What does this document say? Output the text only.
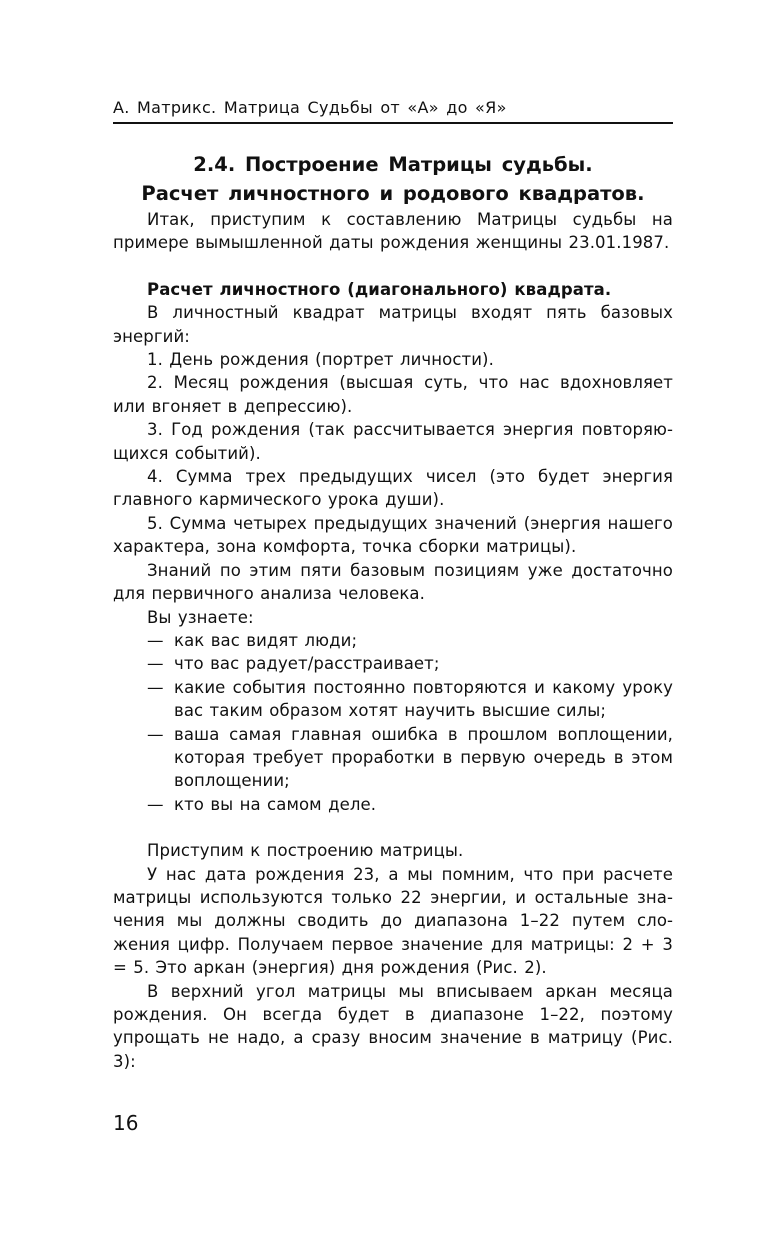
А. Матрикс. Матрица Судьбы от «А» до «Я»
2.4. Построение Матрицы судьбы.
Расчет личностного и родового квадратов.

Итак, приступим к составлению Матрицы судьбы на примере вымышленной даты рождения женщины 23.01.1987.

Расчет личностного (диагонального) квадрата.

В личностный квадрат матрицы входят пять базовых энергий:

1. День рождения (портрет личности).

2. Месяц рождения (высшая суть, что нас вдохновляет или вгоняет в депрессию).

3. Год рождения (так рассчитывается энергия повторяющихся событий).

4. Сумма трех предыдущих чисел (это будет энергия главного кармического урока души).

5. Сумма четырех предыдущих значений (энергия нашего характера, зона комфорта, точка сборки матрицы).

Знаний по этим пяти базовым позициям уже достаточно для первичного анализа человека.

Вы узнаете:

— как вас видят люди;
— что вас радует/расстраивает;
— какие события постоянно повторяются и какому уроку вас таким образом хотят научить высшие силы;
— ваша самая главная ошибка в прошлом воплощении, которая требует проработки в первую очередь в этом воплощении;
— кто вы на самом деле.

Приступим к построению матрицы.

У нас дата рождения 23, а мы помним, что при расчете матрицы используются только 22 энергии, и остальные значения мы должны сводить до диапазона 1–22 путем сложения цифр. Получаем первое значение для матрицы: 2 + 3 = 5. Это аркан (энергия) дня рождения (Рис. 2).

В верхний угол матрицы мы вписываем аркан месяца рождения. Он всегда будет в диапазоне 1–22, поэтому упрощать не надо, а сразу вносим значение в матрицу (Рис. 3):

16
